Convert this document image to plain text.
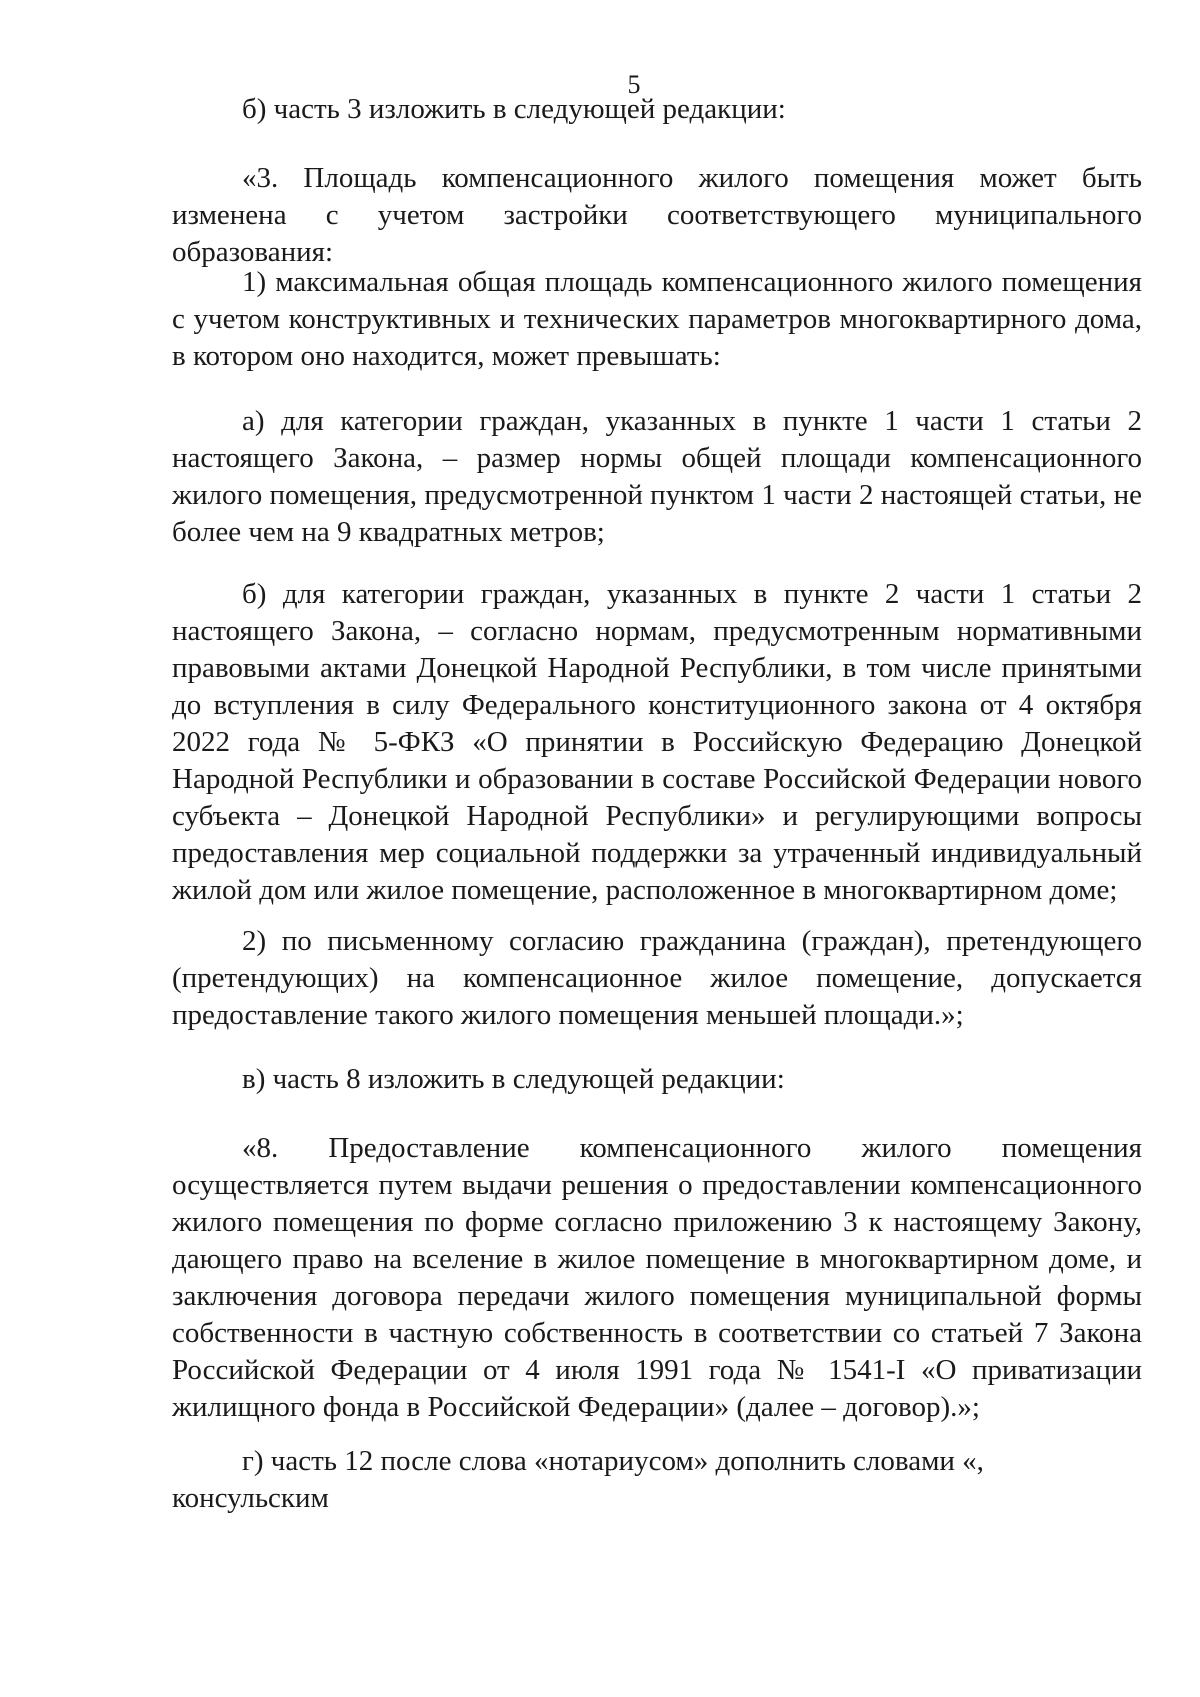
5

б) часть 3 изложить в следующей редакции:

«3. Площадь компенсационного жилого помещения может быть изменена с учетом застройки соответствующего муниципального образования:

1) максимальная общая площадь компенсационного жилого помещения с учетом конструктивных и технических параметров многоквартирного дома, в котором оно находится, может превышать:

а) для категории граждан, указанных в пункте 1 части 1 статьи 2 настоящего Закона, – размер нормы общей площади компенсационного жилого помещения, предусмотренной пунктом 1 части 2 настоящей статьи, не более чем на 9 квадратных метров;

б) для категории граждан, указанных в пункте 2 части 1 статьи 2 настоящего Закона, – согласно нормам, предусмотренным нормативными правовыми актами Донецкой Народной Республики, в том числе принятыми до вступления в силу Федерального конституционного закона от 4 октября 2022 года № 5-ФКЗ «О принятии в Российскую Федерацию Донецкой Народной Республики и образовании в составе Российской Федерации нового субъекта – Донецкой Народной Республики» и регулирующими вопросы предоставления мер социальной поддержки за утраченный индивидуальный жилой дом или жилое помещение, расположенное в многоквартирном доме;

2) по письменному согласию гражданина (граждан), претендующего (претендующих) на компенсационное жилое помещение, допускается предоставление такого жилого помещения меньшей площади.»;

в) часть 8 изложить в следующей редакции:

«8. Предоставление компенсационного жилого помещения осуществляется путем выдачи решения о предоставлении компенсационного жилого помещения по форме согласно приложению 3 к настоящему Закону, дающего право на вселение в жилое помещение в многоквартирном доме, и заключения договора передачи жилого помещения муниципальной формы собственности в частную собственность в соответствии со статьей 7 Закона Российской Федерации от 4 июля 1991 года № 1541-I «О приватизации жилищного фонда в Российской Федерации» (далее – договор).»;

г) часть 12 после слова «нотариусом» дополнить словами «, консульским
